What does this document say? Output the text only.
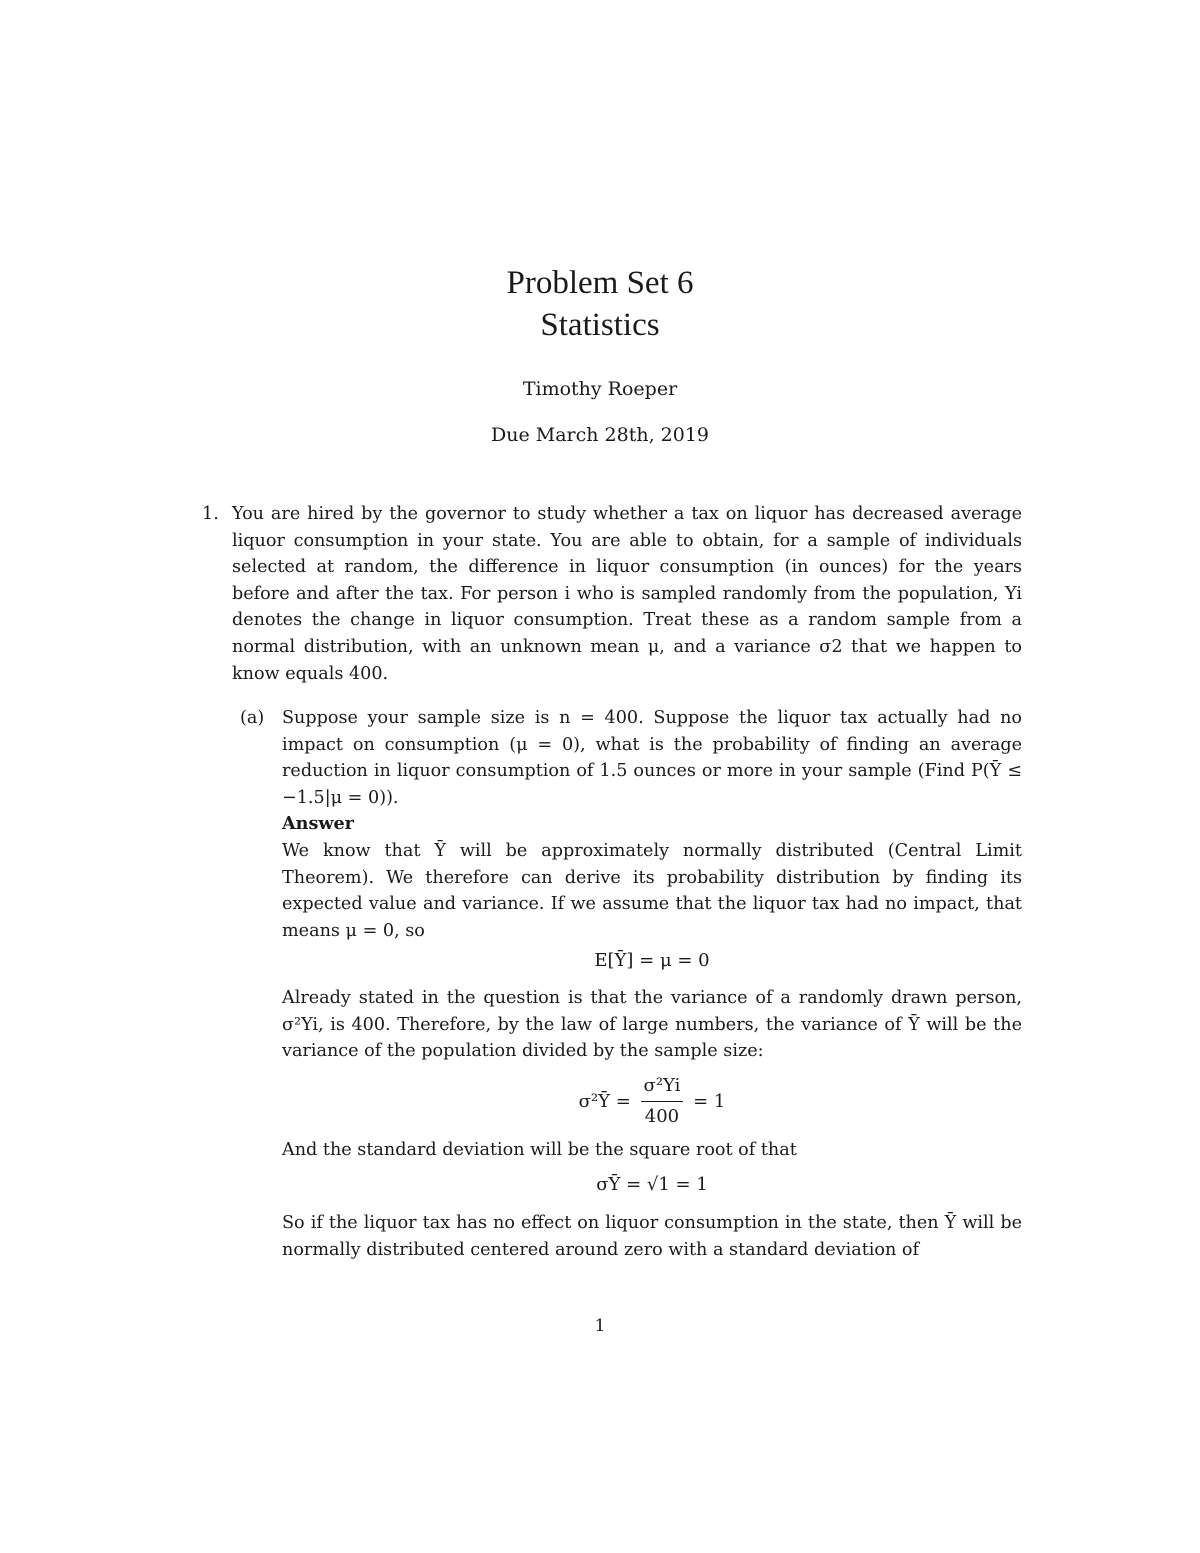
Problem Set 6
Statistics
Timothy Roeper
Due March 28th, 2019
1. You are hired by the governor to study whether a tax on liquor has decreased average liquor consumption in your state. You are able to obtain, for a sample of individuals selected at random, the difference in liquor consumption (in ounces) for the years before and after the tax. For person i who is sampled randomly from the population, Yi denotes the change in liquor consumption. Treat these as a random sample from a normal distribution, with an unknown mean μ, and a variance σ2 that we happen to know equals 400.
(a) Suppose your sample size is n = 400. Suppose the liquor tax actually had no impact on consumption (μ = 0), what is the probability of finding an average reduction in liquor consumption of 1.5 ounces or more in your sample (Find P(Ȳ ≤ −1.5|μ = 0)).
Answer
We know that Ȳ will be approximately normally distributed (Central Limit Theorem). We therefore can derive its probability distribution by finding its expected value and variance. If we assume that the liquor tax had no impact, that means μ = 0, so
E[Ȳ] = μ = 0
Already stated in the question is that the variance of a randomly drawn person, σ²Yi, is 400. Therefore, by the law of large numbers, the variance of Ȳ will be the variance of the population divided by the sample size:
σ²Ȳ = $\frac{\text{σ²Yi}}{400} = 1$
And the standard deviation will be the square root of that
σȲ = √1 = 1
So if the liquor tax has no effect on liquor consumption in the state, then Ȳ will be normally distributed centered around zero with a standard deviation of
1
